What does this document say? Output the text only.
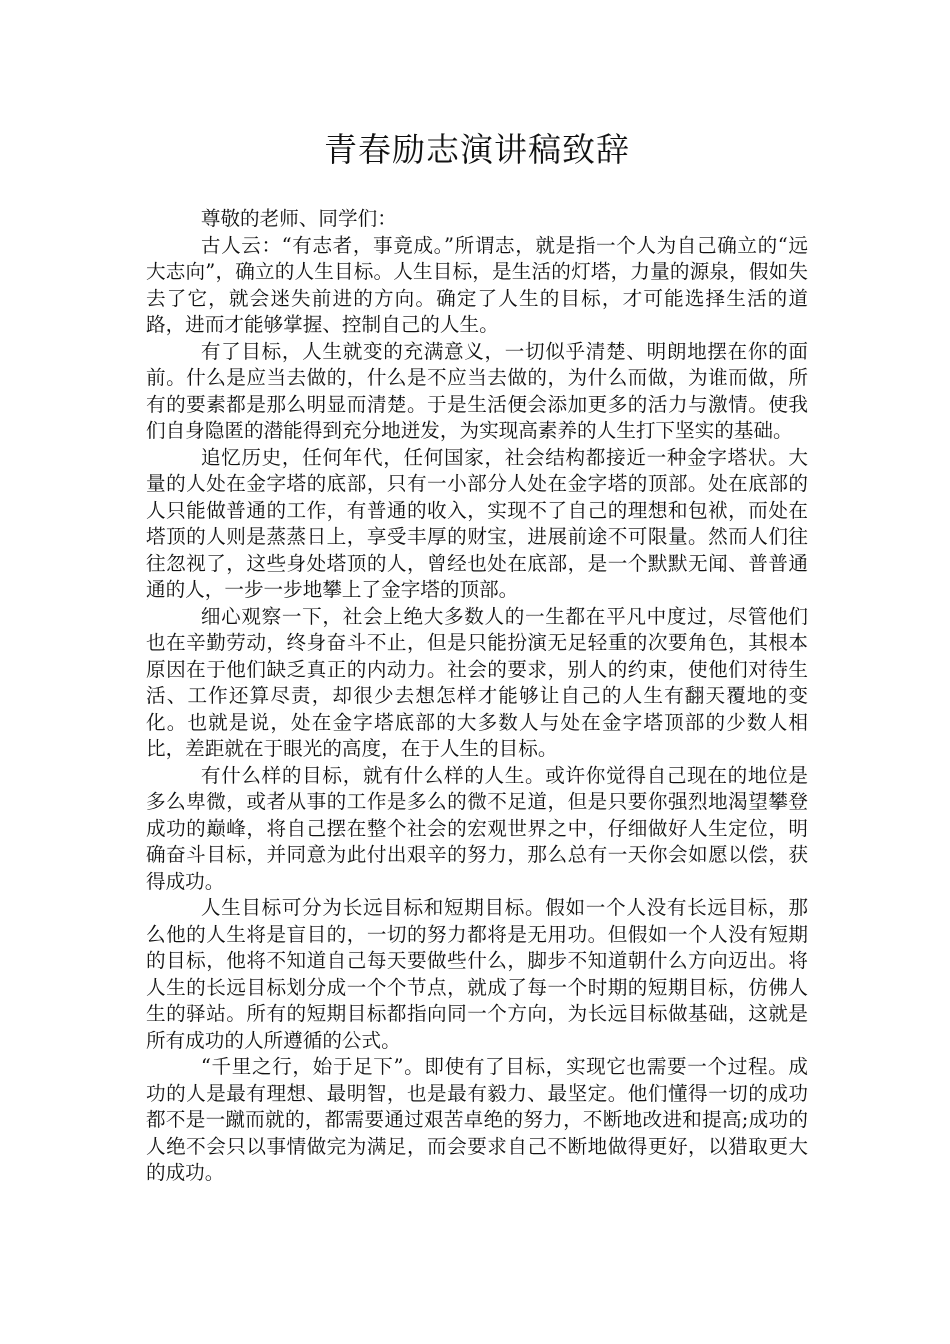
青春励志演讲稿致辞

尊敬的老师、同学们：

古人云：“有志者，事竟成。”所谓志，就是指一个人为自己确立的“远大志向”，确立的人生目标。人生目标，是生活的灯塔，力量的源泉，假如失去了它，就会迷失前进的方向。确定了人生的目标，才可能选择生活的道路，进而才能够掌握、控制自己的人生。

有了目标，人生就变的充满意义，一切似乎清楚、明朗地摆在你的面前。什么是应当去做的，什么是不应当去做的，为什么而做，为谁而做，所有的要素都是那么明显而清楚。于是生活便会添加更多的活力与激情。使我们自身隐匿的潜能得到充分地迸发，为实现高素养的人生打下坚实的基础。

追忆历史，任何年代，任何国家，社会结构都接近一种金字塔状。大量的人处在金字塔的底部，只有一小部分人处在金字塔的顶部。处在底部的人只能做普通的工作，有普通的收入，实现不了自己的理想和包袱，而处在塔顶的人则是蒸蒸日上，享受丰厚的财宝，进展前途不可限量。然而人们往往忽视了，这些身处塔顶的人，曾经也处在底部，是一个默默无闻、普普通通的人，一步一步地攀上了金字塔的顶部。

细心观察一下，社会上绝大多数人的一生都在平凡中度过，尽管他们也在辛勤劳动，终身奋斗不止，但是只能扮演无足轻重的次要角色，其根本原因在于他们缺乏真正的内动力。社会的要求，别人的约束，使他们对待生活、工作还算尽责，却很少去想怎样才能够让自己的人生有翻天覆地的变化。也就是说，处在金字塔底部的大多数人与处在金字塔顶部的少数人相比，差距就在于眼光的高度，在于人生的目标。

有什么样的目标，就有什么样的人生。或许你觉得自己现在的地位是多么卑微，或者从事的工作是多么的微不足道，但是只要你强烈地渴望攀登成功的巅峰，将自己摆在整个社会的宏观世界之中，仔细做好人生定位，明确奋斗目标，并同意为此付出艰辛的努力，那么总有一天你会如愿以偿，获得成功。

人生目标可分为长远目标和短期目标。假如一个人没有长远目标，那么他的人生将是盲目的，一切的努力都将是无用功。但假如一个人没有短期的目标，他将不知道自己每天要做些什么，脚步不知道朝什么方向迈出。将人生的长远目标划分成一个个节点，就成了每一个时期的短期目标，仿佛人生的驿站。所有的短期目标都指向同一个方向，为长远目标做基础，这就是所有成功的人所遵循的公式。

“千里之行，始于足下”。即使有了目标，实现它也需要一个过程。成功的人是最有理想、最明智，也是最有毅力、最坚定。他们懂得一切的成功都不是一蹴而就的，都需要通过艰苦卓绝的努力，不断地改进和提高;成功的人绝不会只以事情做完为满足，而会要求自己不断地做得更好，以猎取更大的成功。
